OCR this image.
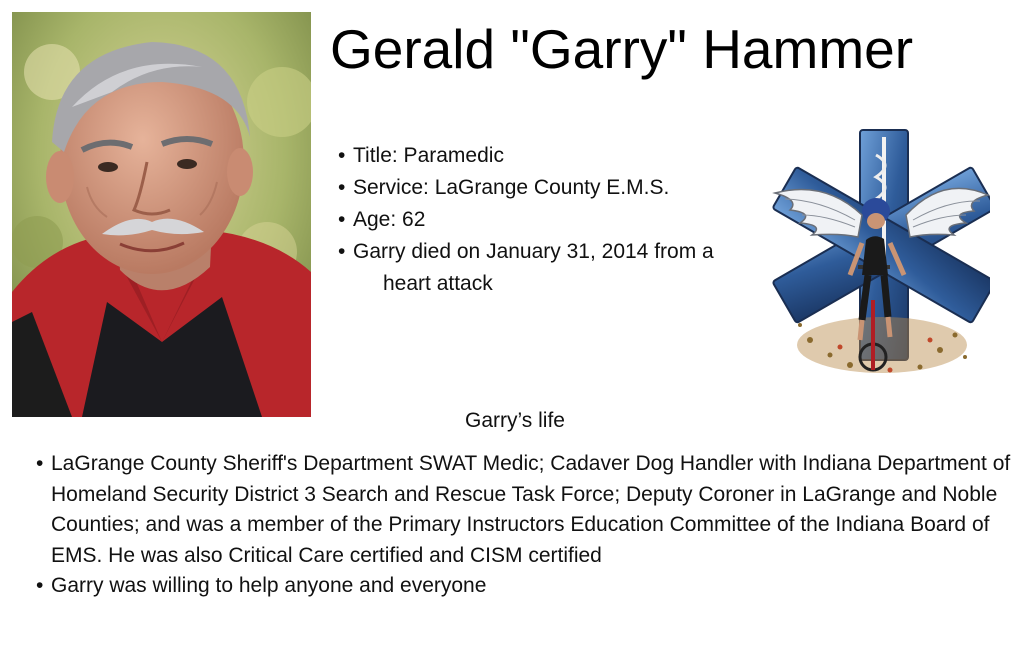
Gerald "Garry" Hammer
• Title: Paramedic
• Service: LaGrange County E.M.S.
• Age: 62
• Garry died on January 31, 2014 from a
heart attack
Garry’s life
• LaGrange County Sheriff's Department SWAT Medic; Cadaver Dog Handler with Indiana Department of Homeland Security District 3 Search and Rescue Task Force; Deputy Coroner in LaGrange and Noble Counties; and was a member of the Primary Instructors Education Committee of the Indiana Board of EMS. He was also Critical Care certified and CISM certified
• Garry was willing to help anyone and everyone
